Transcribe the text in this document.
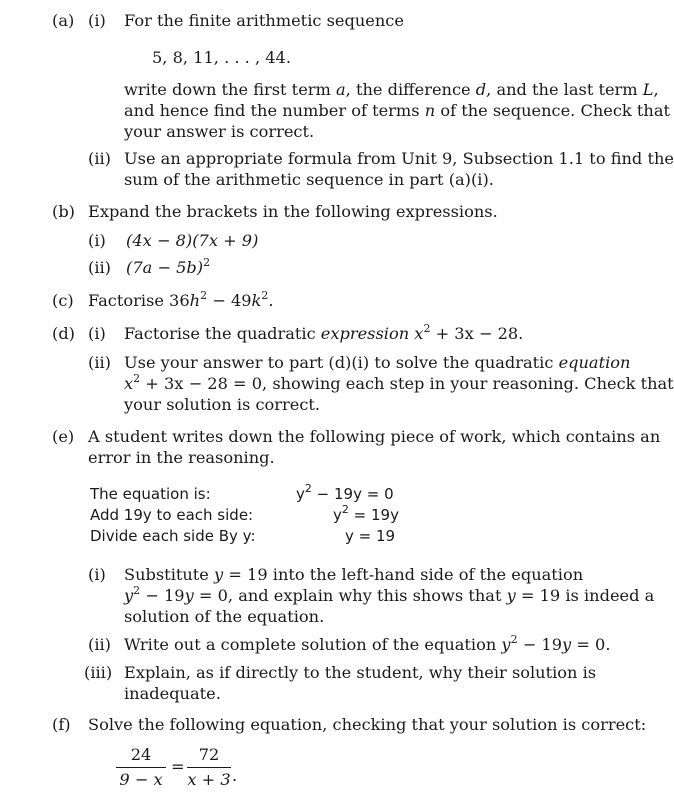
(a) (i) For the finite arithmetic sequence
5, 8, 11, . . . , 44.
write down the first term a, the difference d, and the last term L,
and hence find the number of terms n of the sequence. Check that
your answer is correct.
(ii) Use an appropriate formula from Unit 9, Subsection 1.1 to find the
sum of the arithmetic sequence in part (a)(i).
(b) Expand the brackets in the following expressions.
(i) (4x − 8)(7x + 9)
(ii) $(7a - 5b)^2$
(c) Factorise $36h^2 - 49k^2$.
(d) (i) Factorise the quadratic expression $x^2 + 3x - 28$.
(ii) Use your answer to part (d)(i) to solve the quadratic equation
$x^2 + 3x - 28 = 0$, showing each step in your reasoning. Check that
your solution is correct.
(e) A student writes down the following piece of work, which contains an
error in the reasoning.
The equation is:
Add 19y to each side:
Divide each side By y:
$y^2 - 19y = 0$
$y^2 = 19y$
y = 19
(i) Substitute y = 19 into the left-hand side of the equation
$y^2 - 19y = 0$, and explain why this shows that y = 19 is indeed a
solution of the equation.
(ii) Write out a complete solution of the equation $y^2 - 19y = 0$.
(iii) Explain, as if directly to the student, why their solution is
inadequate.
(f) Solve the following equation, checking that your solution is correct:
24
9 − x
=
72
x + 3 .
